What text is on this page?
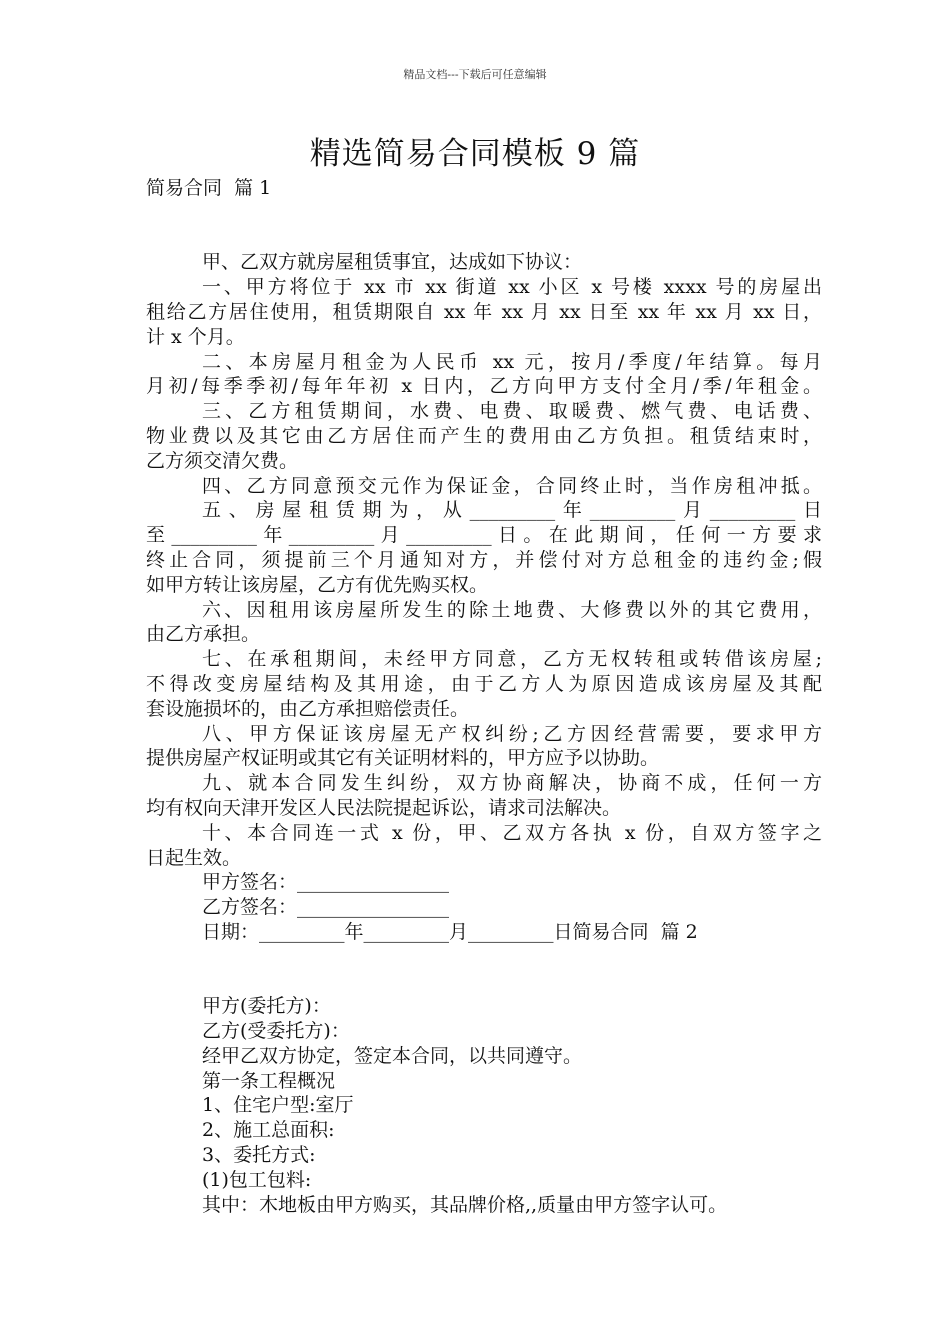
精品文档---下载后可任意编辑
精选简易合同模板 9 篇
简易合同  篇 1
甲、乙双方就房屋租赁事宜，达成如下协议：
一、甲方将位于 xx 市 xx 街道 xx 小区 x 号楼 xxxx 号的房屋出
租给乙方居住使用，租赁期限自 xx 年 xx 月 xx 日至 xx 年 xx 月 xx 日，
计 x 个月。
二、本房屋月租金为人民币 xx 元，按月/季度/年结算。每月
月初/每季季初/每年年初 x 日内，乙方向甲方支付全月/季/年租金。
三、乙方租赁期间，水费、电费、取暖费、燃气费、电话费、
物业费以及其它由乙方居住而产生的费用由乙方负担。租赁结束时，
乙方须交清欠费。
四、乙方同意预交元作为保证金，合同终止时，当作房租冲抵。
五、房屋租赁期为，从_________年_________月_________日
至_________年_________月_________日。在此期间，任何一方要求
终止合同，须提前三个月通知对方，并偿付对方总租金的违约金;假
如甲方转让该房屋，乙方有优先购买权。
六、因租用该房屋所发生的除土地费、大修费以外的其它费用，
由乙方承担。
七、在承租期间，未经甲方同意，乙方无权转租或转借该房屋;
不得改变房屋结构及其用途，由于乙方人为原因造成该房屋及其配
套设施损坏的，由乙方承担赔偿责任。
八、甲方保证该房屋无产权纠纷;乙方因经营需要，要求甲方
提供房屋产权证明或其它有关证明材料的，甲方应予以协助。
九、就本合同发生纠纷，双方协商解决，协商不成，任何一方
均有权向天津开发区人民法院提起诉讼，请求司法解决。
十、本合同连一式 x 份，甲、乙双方各执 x 份，自双方签字之
日起生效。
甲方签名：________________
乙方签名：________________
日期：_________年_________月_________日简易合同  篇 2
甲方(委托方)：
乙方(受委托方)：
经甲乙双方协定，签定本合同，以共同遵守。
第一条工程概况
1、住宅户型:室厅
2、施工总面积:
3、委托方式:
(1)包工包料:
其中：木地板由甲方购买，其品牌价格,,质量由甲方签字认可。
